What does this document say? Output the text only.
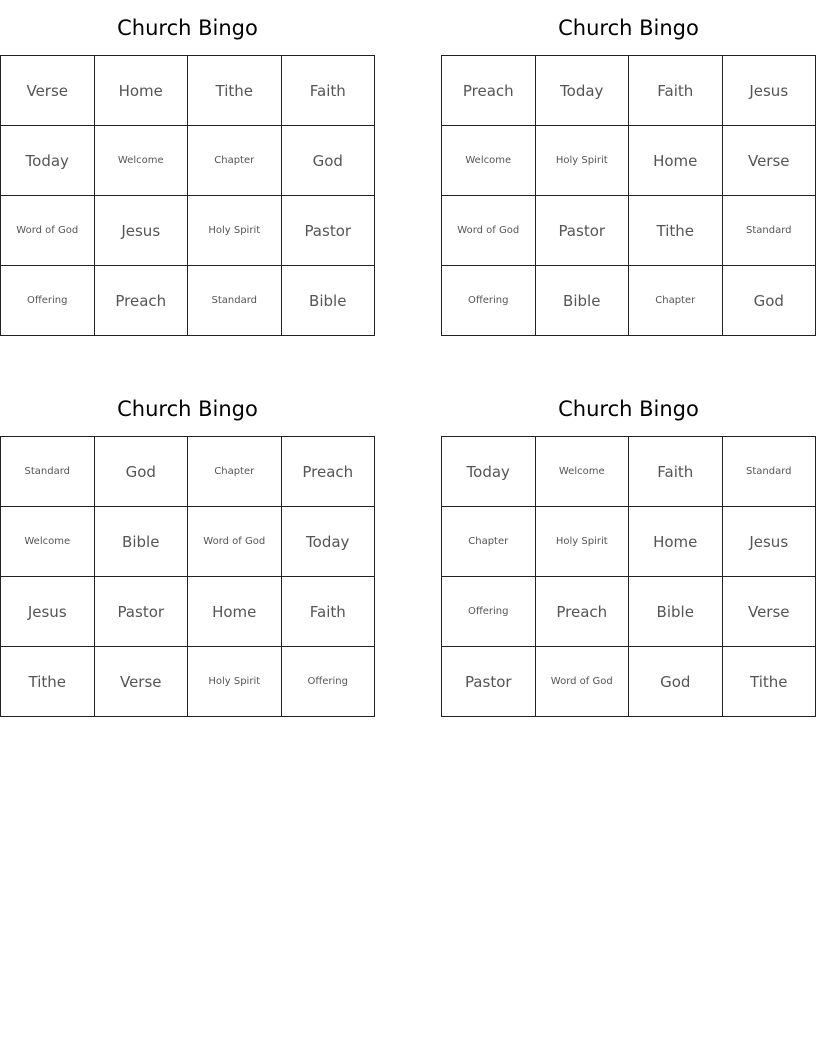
Church Bingo
Verse	Home	Tithe	Faith
Today	Welcome	Chapter	God
Word of God	Jesus	Holy Spirit	Pastor
Offering	Preach	Standard	Bible
Church Bingo
Preach	Today	Faith	Jesus
Welcome	Holy Spirit	Home	Verse
Word of God	Pastor	Tithe	Standard
Offering	Bible	Chapter	God
Church Bingo
Standard	God	Chapter	Preach
Welcome	Bible	Word of God	Today
Jesus	Pastor	Home	Faith
Tithe	Verse	Holy Spirit	Offering
Church Bingo
Today	Welcome	Faith	Standard
Chapter	Holy Spirit	Home	Jesus
Offering	Preach	Bible	Verse
Pastor	Word of God	God	Tithe
